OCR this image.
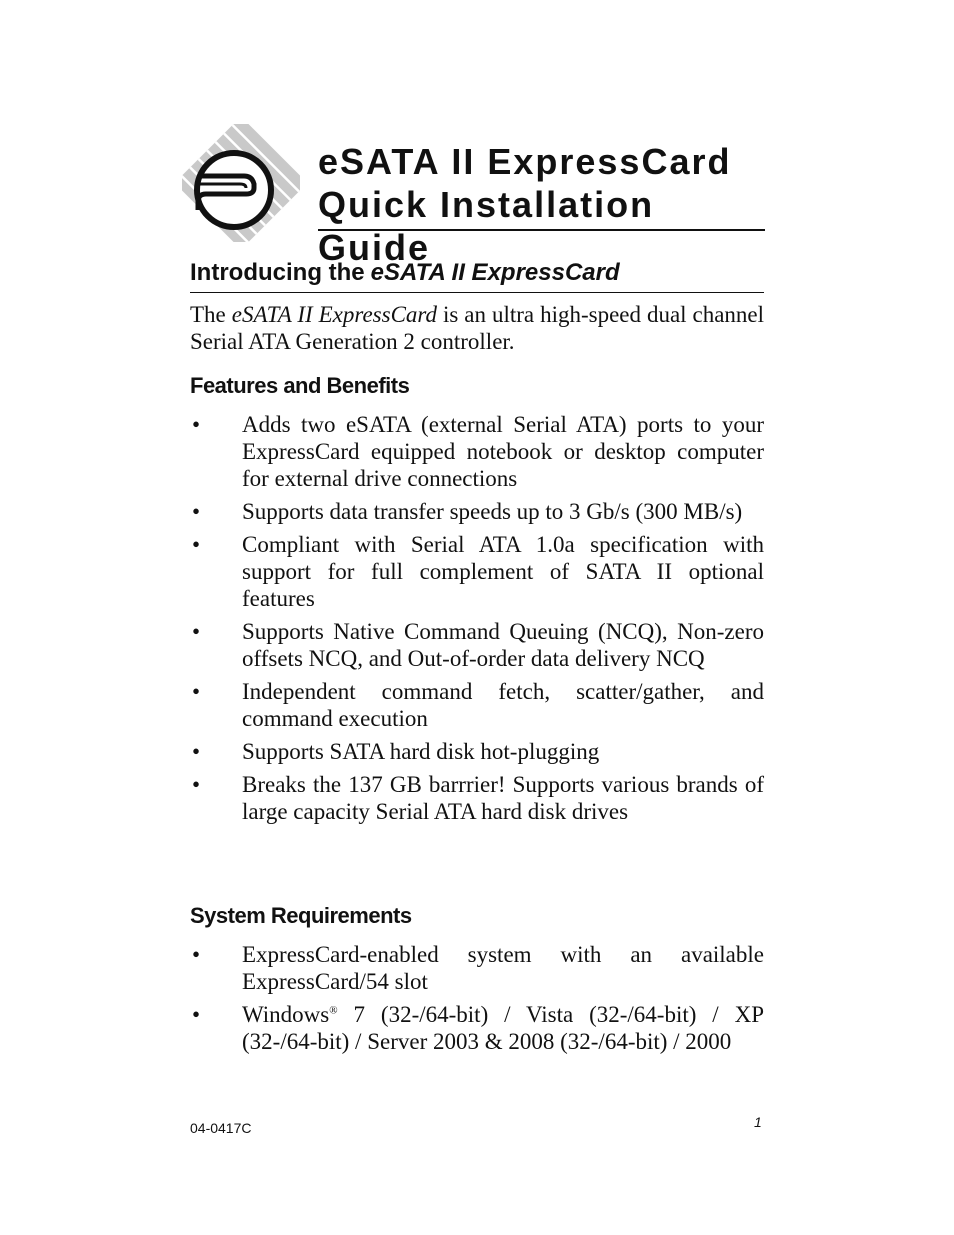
eSATA II ExpressCard
Quick Installation Guide
Introducing the eSATA II ExpressCard

The eSATA II ExpressCard is an ultra high-speed dual channel Serial ATA Generation 2 controller.

Features and Benefits
• Adds two eSATA (external Serial ATA) ports to your ExpressCard equipped notebook or desktop computer for external drive connections
• Supports data transfer speeds up to 3 Gb/s (300 MB/s)
• Compliant with Serial ATA 1.0a specification with support for full complement of SATA II optional features
• Supports Native Command Queuing (NCQ), Non-zero offsets NCQ, and Out-of-order data delivery NCQ
• Independent command fetch, scatter/gather, and command execution
• Supports SATA hard disk hot-plugging
• Breaks the 137 GB barrrier! Supports various brands of large capacity Serial ATA hard disk drives
System Requirements
• ExpressCard-enabled system with an available ExpressCard/54 slot
• Windows® 7 (32-/64-bit) / Vista (32-/64-bit) / XP (32-/64-bit) / Server 2003 & 2008 (32-/64-bit) / 2000

04-0417C	1
